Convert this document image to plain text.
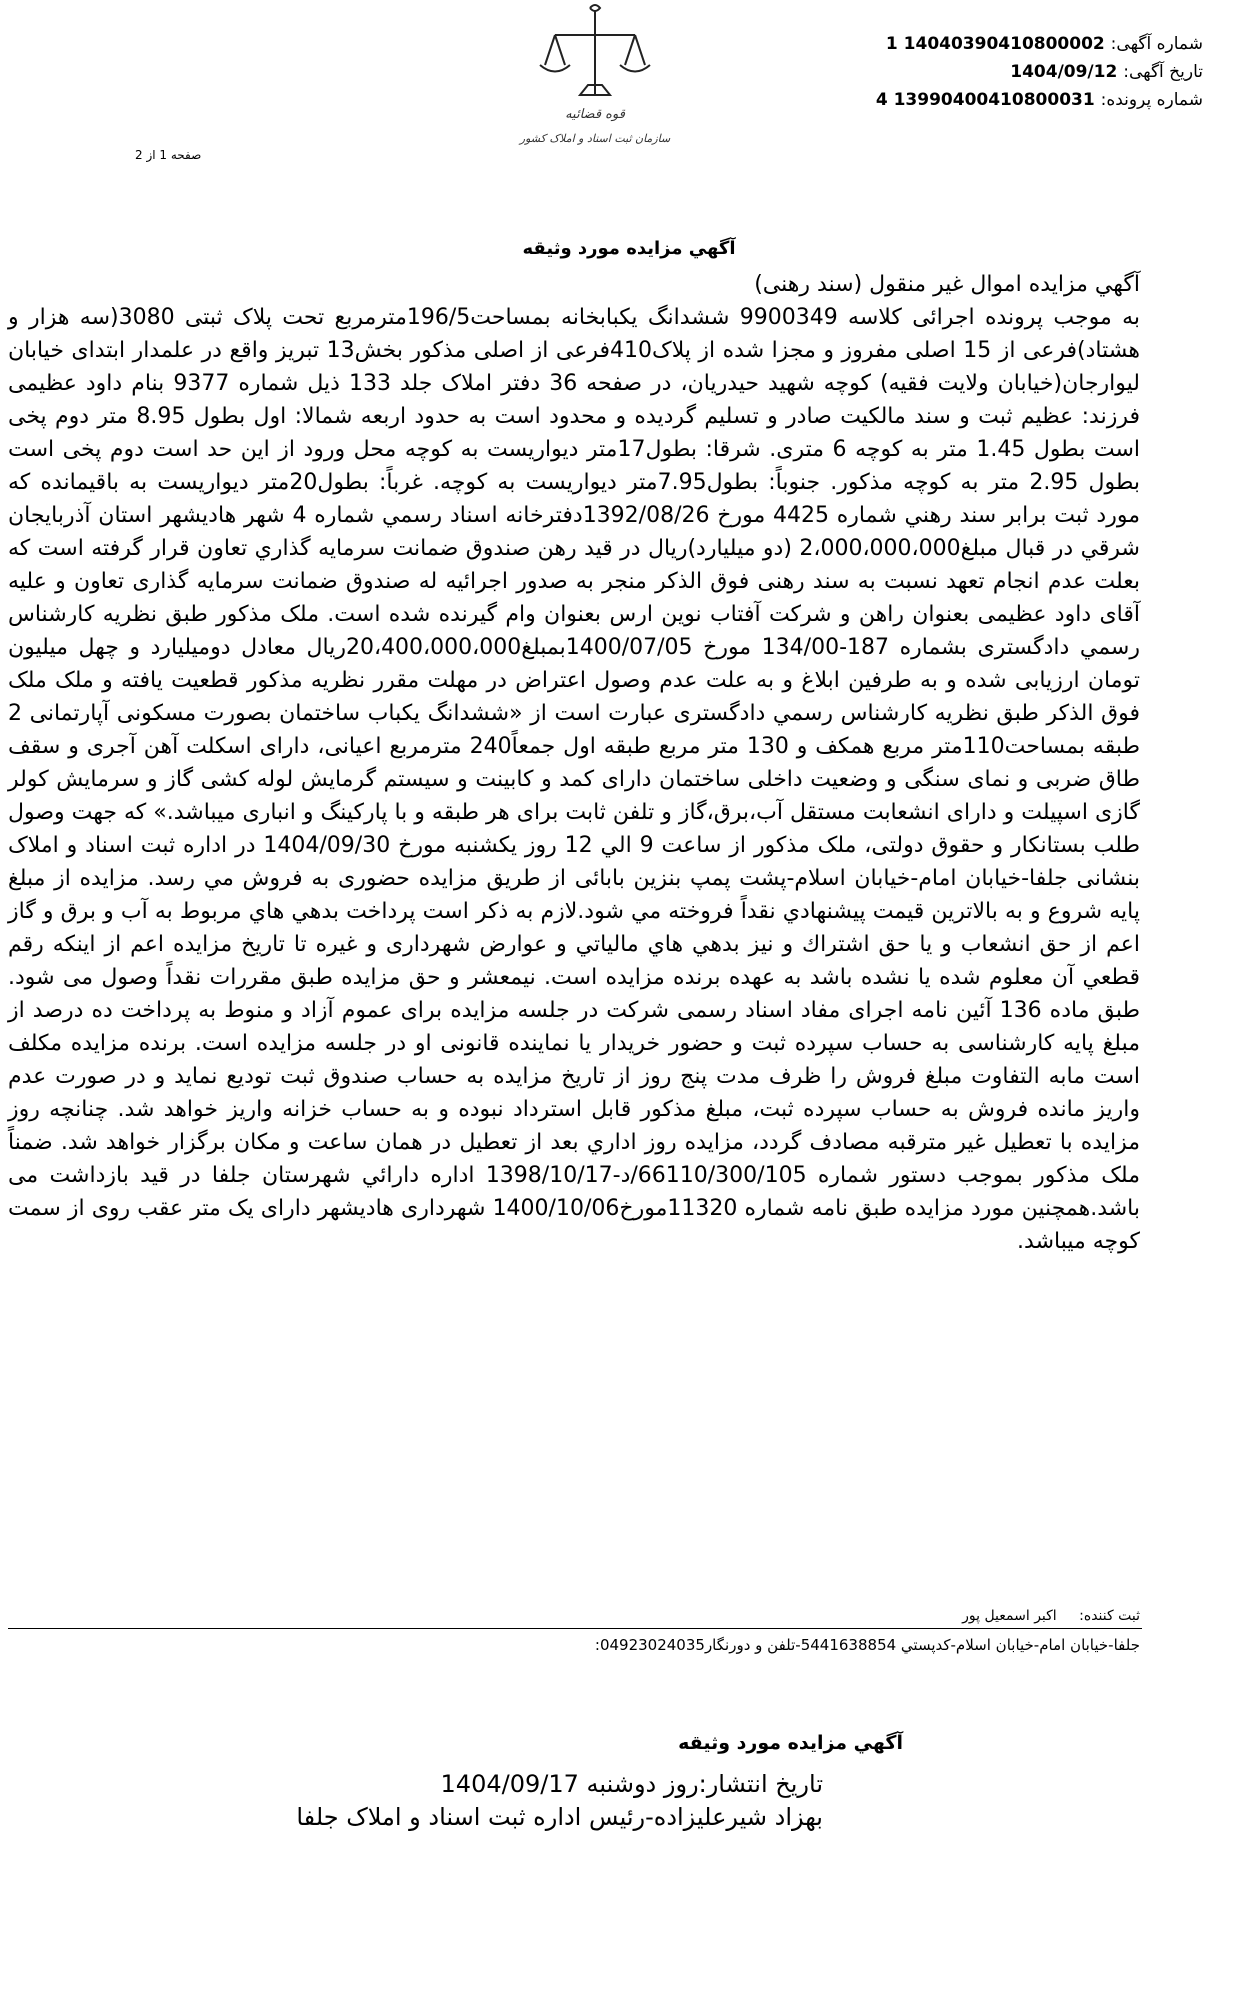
قوه قضائيه
سازمان ثبت اسناد و املاک کشور
شماره آگهی: 14040390410800002 1
تاریخ آگهی: 1404/09/12
شماره پرونده: 13990400410800031 4
صفحه 1 از 2
آگهي مزايده مورد وثيقه

آگهي مزايده اموال غير منقول (سند رهنی)

به موجب پرونده اجرائی کلاسه 9900349 ششدانگ یکبابخانه بمساحت196/5مترمربع تحت پلاک ثبتی 3080(سه هزار و هشتاد)فرعی از 15 اصلی مفروز و مجزا شده از پلاک410فرعی از اصلی مذکور بخش13 تبریز واقع در علمدار ابتدای خیابان لیوارجان(خیابان ولایت فقیه) کوچه شهید حیدریان، در صفحه 36 دفتر املاک جلد 133 ذیل شماره 9377 بنام داود عظیمی فرزند: عظیم ثبت و سند مالکیت صادر و تسلیم گردیده و محدود است به حدود اربعه شمالا: اول بطول 8.95 متر دوم پخی است بطول 1.45 متر به کوچه 6 متری. شرقا: بطول17متر دیواریست به کوچه محل ورود از این حد است دوم پخی است بطول 2.95 متر به کوچه مذکور. جنوباً: بطول7.95متر دیواریست به کوچه. غرباً: بطول20متر دیواریست به باقیمانده که مورد ثبت برابر سند رهني شماره 4425 مورخ 1392/08/26دفترخانه اسناد رسمي شماره 4 شهر هادیشهر استان آذربایجان شرقي در قبال مبلغ2،000،000،000 (دو میلیارد)ریال در قید رهن صندوق ضمانت سرمايه گذاري تعاون قرار گرفته است که بعلت عدم انجام تعهد نسبت به سند رهنی فوق الذکر منجر به صدور اجرائیه له صندوق ضمانت سرمایه گذاری تعاون و علیه آقای داود عظیمی بعنوان راهن و شرکت آفتاب نوین ارس بعنوان وام گیرنده شده است. ملک مذکور طبق نظریه کارشناس رسمي دادگستری بشماره 187-134/00 مورخ 1400/07/05بمبلغ20،400،000،000ريال معادل دوميليارد و چهل ميليون تومان ارزیابی شده و به طرفین ابلاغ و به علت عدم وصول اعتراض در مهلت مقرر نظریه مذکور قطعیت یافته و ملک ملک فوق الذکر طبق نظریه کارشناس رسمي دادگستری عبارت است از «ششدانگ یکباب ساختمان بصورت مسکونی آپارتمانی 2 طبقه بمساحت110متر مربع همکف و 130 متر مربع طبقه اول جمعاً240 مترمربع اعیانی، دارای اسکلت آهن آجری و سقف طاق ضربی و نمای سنگی و وضعیت داخلی ساختمان دارای کمد و کابینت و سیستم گرمایش لوله کشی گاز و سرمایش کولر گازی اسپیلت و دارای انشعابت مستقل آب،برق،گاز و تلفن ثابت برای هر طبقه و با پارکینگ و انباری میباشد.» که جهت وصول طلب بستانکار و حقوق دولتی، ملک مذکور از ساعت 9 الي 12 روز یکشنبه مورخ 1404/09/30 در اداره ثبت اسناد و املاک بنشانی جلفا-خیابان امام-خیابان اسلام-پشت پمپ بنزین بابائی از طريق مزايده حضوری به فروش مي رسد. مزايده از مبلغ پايه شروع و به بالاترين قيمت پيشنهادي نقداً فروخته مي شود.لازم به ذكر است پرداخت بدهي هاي مربوط به آب و برق و گاز اعم از حق انشعاب و يا حق اشتراك و نيز بدهي هاي مالياتي و عوارض شهرداری و غیره تا تاريخ مزايده اعم از اينكه رقم قطعي آن معلوم شده يا نشده باشد به عهده برنده مزايده است. نيمعشر و حق مزایده طبق مقررات نقداً وصول می شود. طبق ماده 136 آئین نامه اجرای مفاد اسناد رسمی شرکت در جلسه مزایده برای عموم آزاد و منوط به پرداخت ده درصد از مبلغ پایه کارشناسی به حساب سپرده ثبت و حضور خریدار یا نماینده قانونی او در جلسه مزایده است. برنده مزایده مکلف است مابه التفاوت مبلغ فروش را ظرف مدت پنج روز از تاریخ مزایده به حساب صندوق ثبت تودیع نماید و در صورت عدم واریز مانده فروش به حساب سپرده ثبت، مبلغ مذکور قابل استرداد نبوده و به حساب خزانه واریز خواهد شد. چنانچه روز مزايده با تعطيل غير مترقبه مصادف گردد، مزايده روز اداري بعد از تعطيل در همان ساعت و مكان برگزار خواهد شد. ضمناً ملک مذکور بموجب دستور شماره 66110/300/105/د-1398/10/17 اداره دارائي شهرستان جلفا در قید بازداشت می باشد.همچنین مورد مزایده طبق نامه شماره 11320مورخ1400/10/06 شهرداری هادیشهر دارای یک متر عقب روی از سمت کوچه میباشد.

ثبت کننده: اکبر اسمعیل پور
جلفا-خیابان امام-خیابان اسلام-کدپستي 5441638854-تلفن و دورنگار04923024035:
آگهي مزايده مورد وثيقه
تاریخ انتشار:روز دوشنبه 1404/09/17
بهزاد شیرعلیزاده-رئیس اداره ثبت اسناد و املاک جلفا
